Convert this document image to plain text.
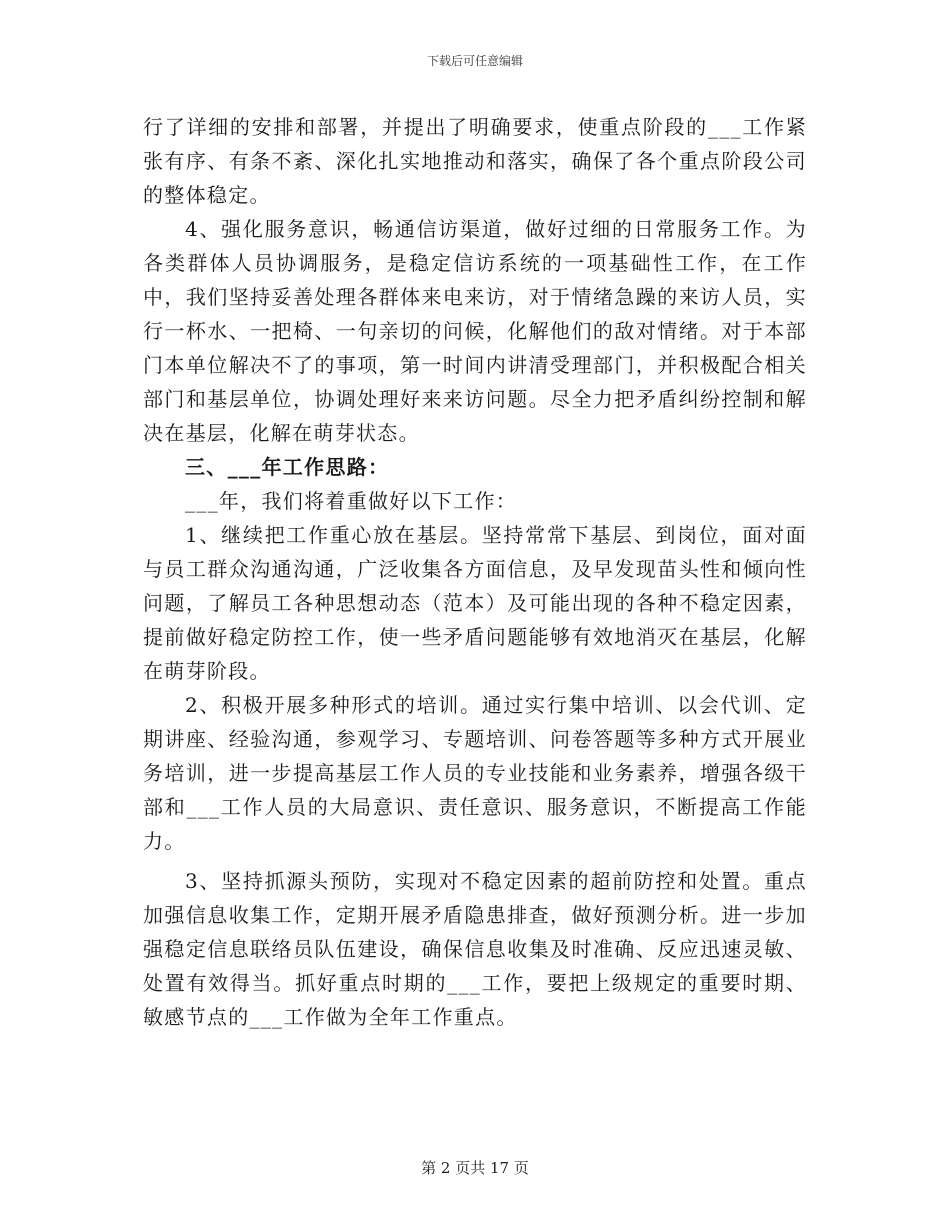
下载后可任意编辑

行了详细的安排和部署，并提出了明确要求，使重点阶段的___工作紧张有序、有条不紊、深化扎实地推动和落实，确保了各个重点阶段公司的整体稳定。

4、强化服务意识，畅通信访渠道，做好过细的日常服务工作。为各类群体人员协调服务，是稳定信访系统的一项基础性工作，在工作中，我们坚持妥善处理各群体来电来访，对于情绪急躁的来访人员，实行一杯水、一把椅、一句亲切的问候，化解他们的敌对情绪。对于本部门本单位解决不了的事项，第一时间内讲清受理部门，并积极配合相关部门和基层单位，协调处理好来来访问题。尽全力把矛盾纠纷控制和解决在基层，化解在萌芽状态。

三、___年工作思路：

___年，我们将着重做好以下工作：

1、继续把工作重心放在基层。坚持常常下基层、到岗位，面对面与员工群众沟通沟通，广泛收集各方面信息，及早发现苗头性和倾向性问题，了解员工各种思想动态（范本）及可能出现的各种不稳定因素，提前做好稳定防控工作，使一些矛盾问题能够有效地消灭在基层，化解在萌芽阶段。

2、积极开展多种形式的培训。通过实行集中培训、以会代训、定期讲座、经验沟通，参观学习、专题培训、问卷答题等多种方式开展业务培训，进一步提高基层工作人员的专业技能和业务素养，增强各级干部和___工作人员的大局意识、责任意识、服务意识，不断提高工作能力。

3、坚持抓源头预防，实现对不稳定因素的超前防控和处置。重点加强信息收集工作，定期开展矛盾隐患排查，做好预测分析。进一步加强稳定信息联络员队伍建设，确保信息收集及时准确、反应迅速灵敏、处置有效得当。抓好重点时期的___工作，要把上级规定的重要时期、敏感节点的___工作做为全年工作重点。

第 2 页共 17 页
